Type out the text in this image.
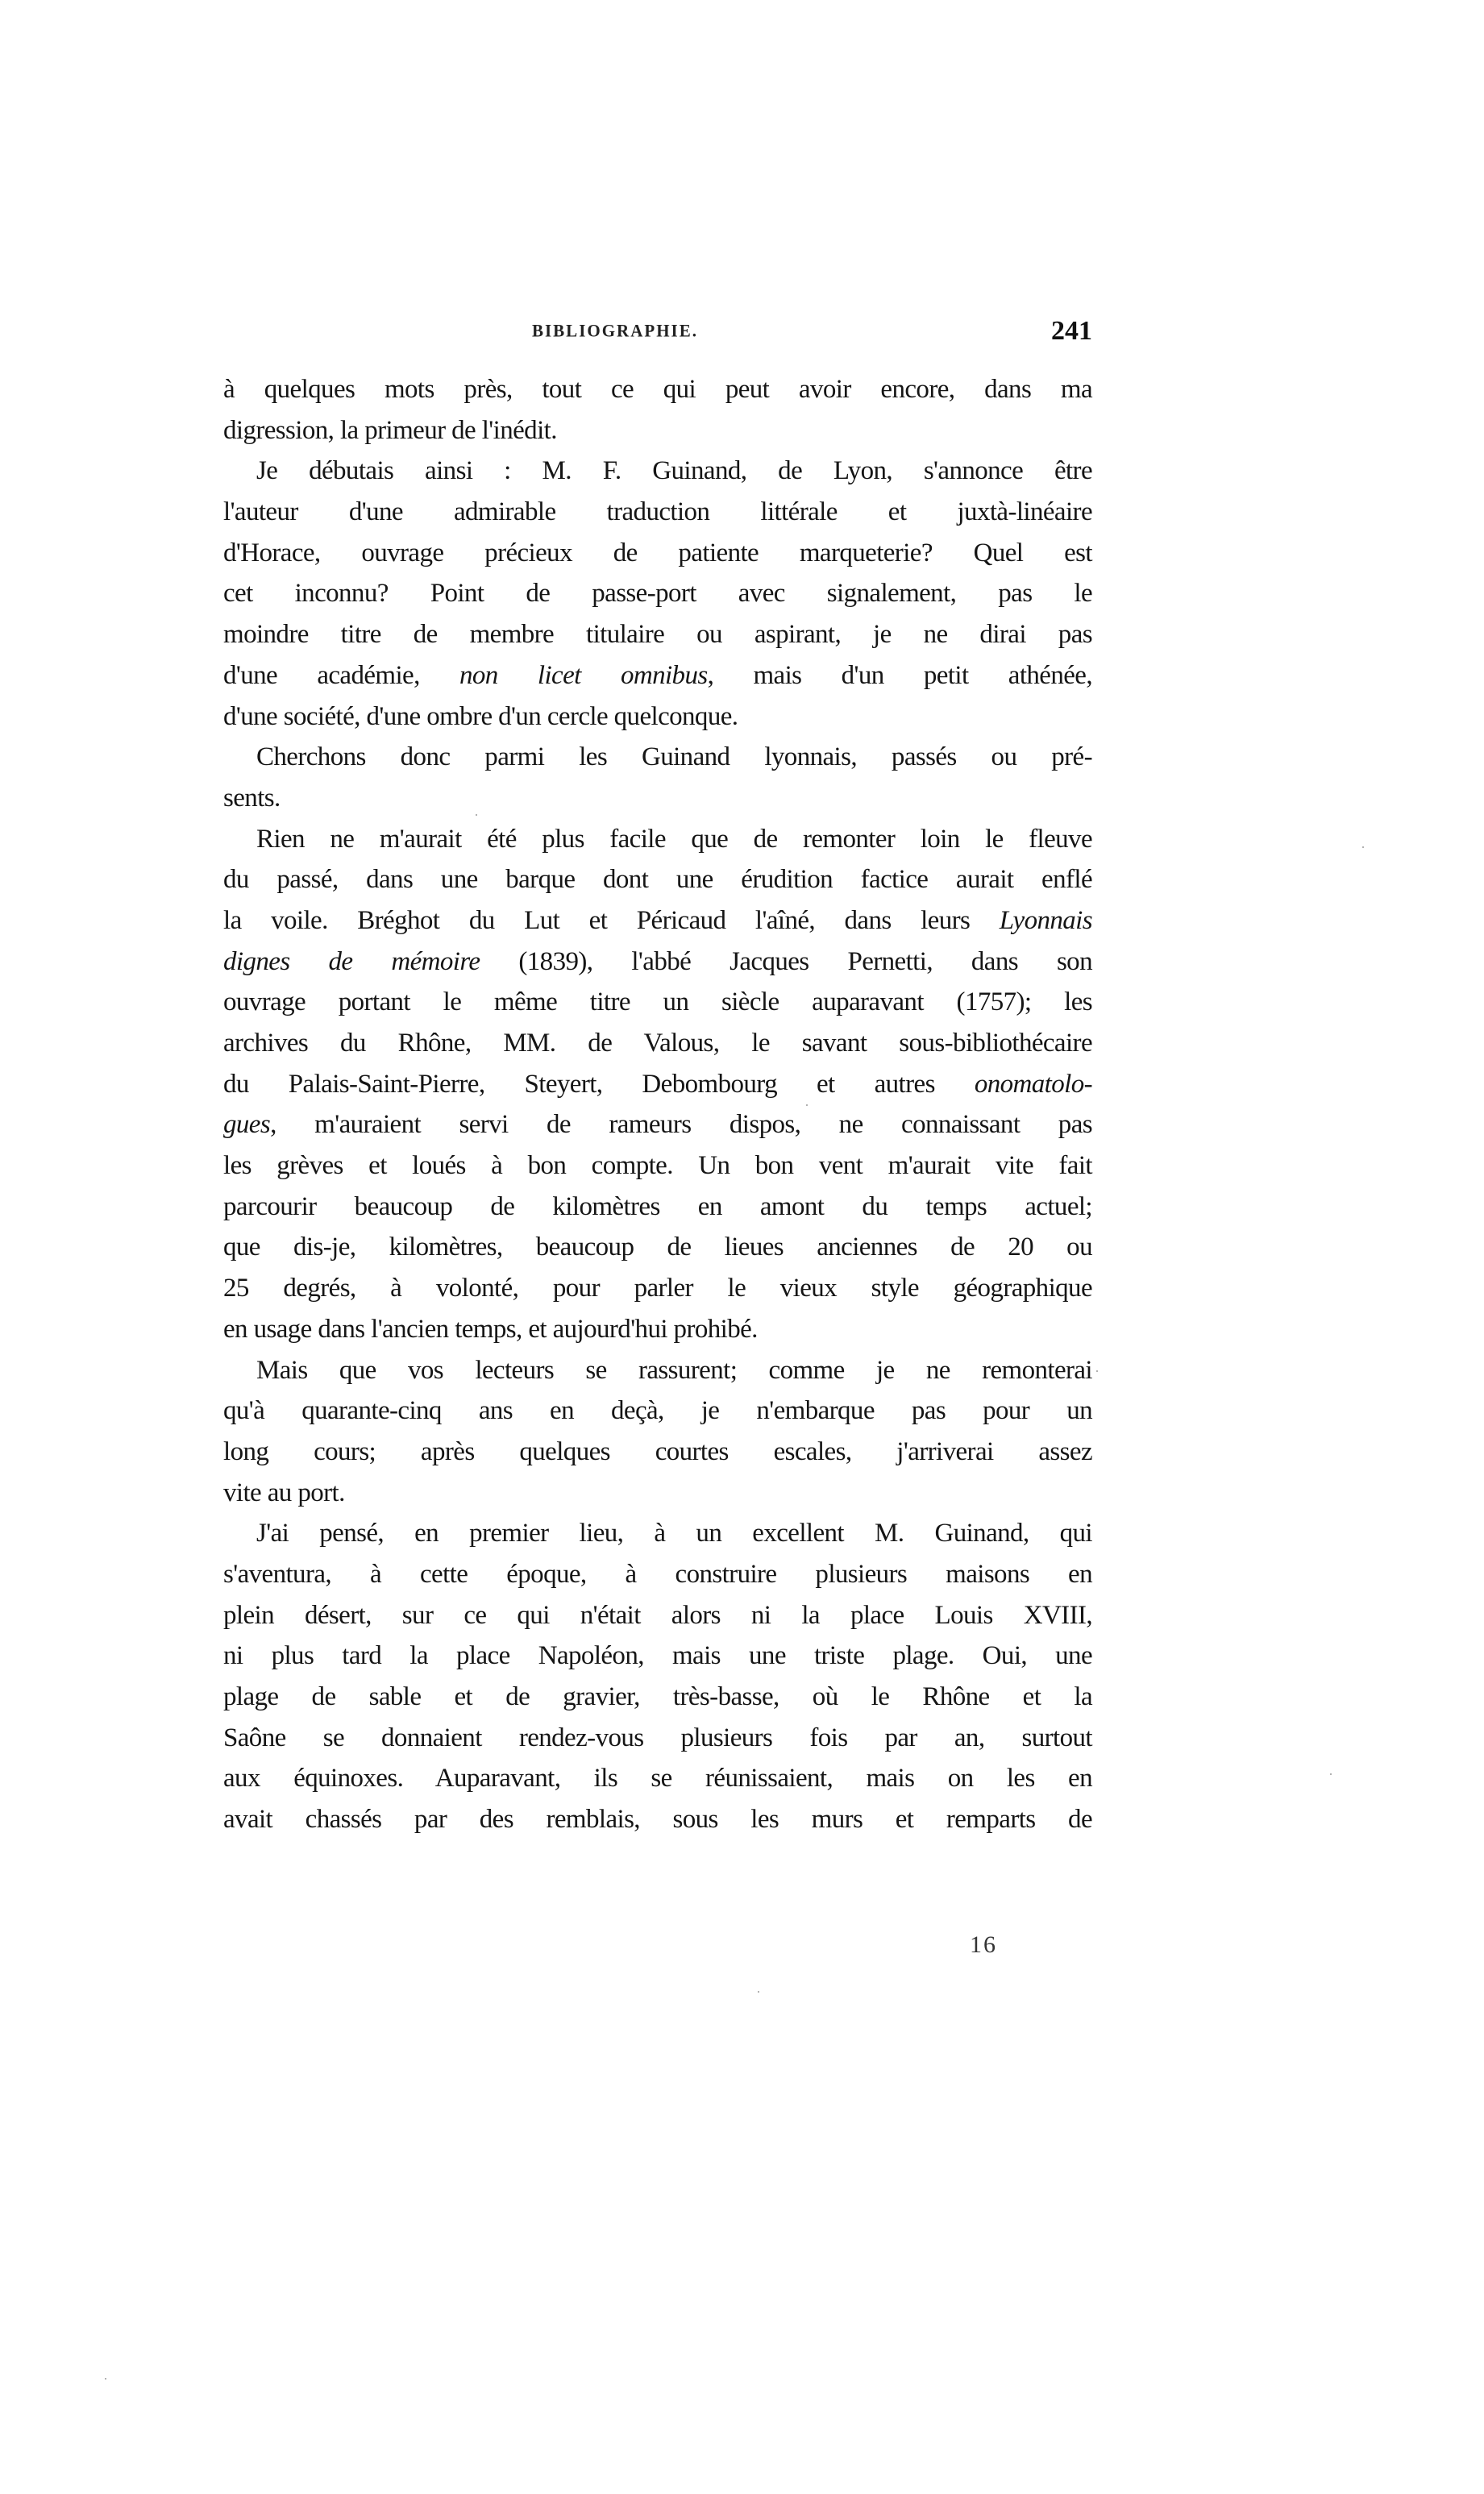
BIBLIOGRAPHIE.	241
à quelques mots près, tout ce qui peut avoir encore, dans ma
digression, la primeur de l'inédit.
Je débutais ainsi : M. F. Guinand, de Lyon, s'annonce être
l'auteur d'une admirable traduction littérale et juxtà-linéaire
d'Horace, ouvrage précieux de patiente marqueterie? Quel est
cet inconnu? Point de passe-port avec signalement, pas le
moindre titre de membre titulaire ou aspirant, je ne dirai pas
d'une académie, non licet omnibus, mais d'un petit athénée,
d'une société, d'une ombre d'un cercle quelconque.
Cherchons donc parmi les Guinand lyonnais, passés ou pré-
sents.
Rien ne m'aurait été plus facile que de remonter loin le fleuve
du passé, dans une barque dont une érudition factice aurait enflé
la voile. Bréghot du Lut et Péricaud l'aîné, dans leurs Lyonnais
dignes de mémoire (1839), l'abbé Jacques Pernetti, dans son
ouvrage portant le même titre un siècle auparavant (1757); les
archives du Rhône, MM. de Valous, le savant sous-bibliothécaire
du Palais-Saint-Pierre, Steyert, Debombourg et autres onomatolo-
gues, m'auraient servi de rameurs dispos, ne connaissant pas
les grèves et loués à bon compte. Un bon vent m'aurait vite fait
parcourir beaucoup de kilomètres en amont du temps actuel;
que dis-je, kilomètres, beaucoup de lieues anciennes de 20 ou
25 degrés, à volonté, pour parler le vieux style géographique
en usage dans l'ancien temps, et aujourd'hui prohibé.
Mais que vos lecteurs se rassurent; comme je ne remonterai
qu'à quarante-cinq ans en deçà, je n'embarque pas pour un
long cours; après quelques courtes escales, j'arriverai assez
vite au port.
J'ai pensé, en premier lieu, à un excellent M. Guinand, qui
s'aventura, à cette époque, à construire plusieurs maisons en
plein désert, sur ce qui n'était alors ni la place Louis XVIII,
ni plus tard la place Napoléon, mais une triste plage. Oui, une
plage de sable et de gravier, très-basse, où le Rhône et la
Saône se donnaient rendez-vous plusieurs fois par an, surtout
aux équinoxes. Auparavant, ils se réunissaient, mais on les en
avait chassés par des remblais, sous les murs et remparts de
16
